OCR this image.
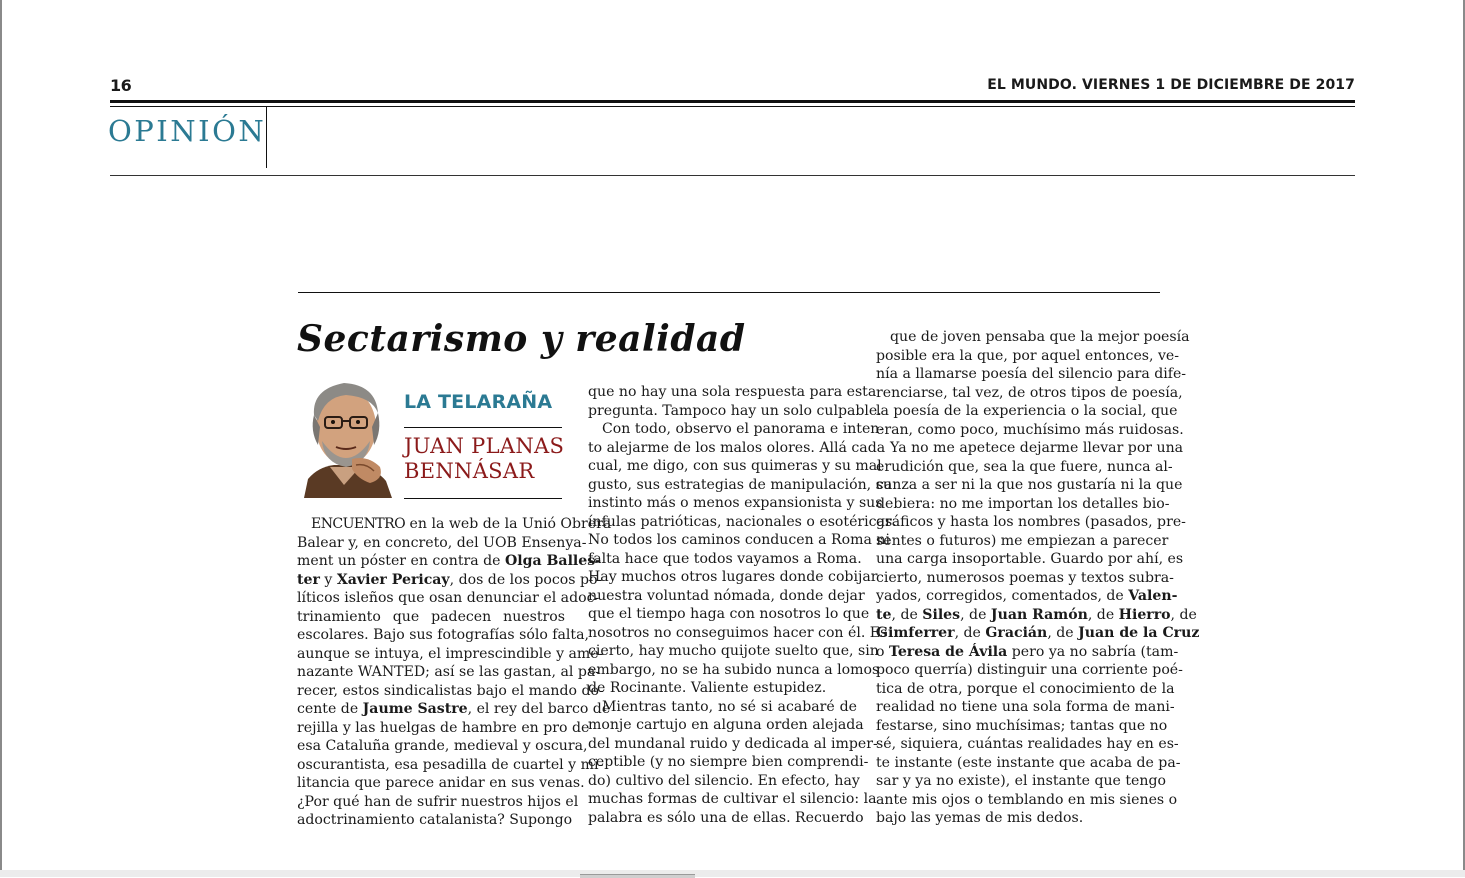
16	EL MUNDO. VIERNES 1 DE DICIEMBRE DE 2017
OPINIÓN
Sectarismo y realidad
LA TELARAÑA
JUAN PLANAS
BENNÁSAR
ENCUENTRO en la web de la Unió Obrera
Balear y, en concreto, del UOB Ensenya-
ment un póster en contra de Olga Balles-
ter y Xavier Pericay, dos de los pocos po-
líticos isleños que osan denunciar el adoc-
trinamiento que padecen nuestros
escolares. Bajo sus fotografías sólo falta,
aunque se intuya, el imprescindible y ame-
nazante WANTED; así se las gastan, al pa-
recer, estos sindicalistas bajo el mando do-
cente de Jaume Sastre, el rey del barco de
rejilla y las huelgas de hambre en pro de
esa Cataluña grande, medieval y oscura,
oscurantista, esa pesadilla de cuartel y mi-
litancia que parece anidar en sus venas.
¿Por qué han de sufrir nuestros hijos el
adoctrinamiento catalanista? Supongo
que no hay una sola respuesta para esta
pregunta. Tampoco hay un solo culpable.
Con todo, observo el panorama e inten-
to alejarme de los malos olores. Allá cada
cual, me digo, con sus quimeras y su mal
gusto, sus estrategias de manipulación, su
instinto más o menos expansionista y sus
ínfulas patrióticas, nacionales o esotéricas.
No todos los caminos conducen a Roma ni
falta hace que todos vayamos a Roma.
Hay muchos otros lugares donde cobijar
nuestra voluntad nómada, donde dejar
que el tiempo haga con nosotros lo que
nosotros no conseguimos hacer con él. Es
cierto, hay mucho quijote suelto que, sin
embargo, no se ha subido nunca a lomos
de Rocinante. Valiente estupidez.
Mientras tanto, no sé si acabaré de
monje cartujo en alguna orden alejada
del mundanal ruido y dedicada al imper-
ceptible (y no siempre bien comprendi-
do) cultivo del silencio. En efecto, hay
muchas formas de cultivar el silencio: la
palabra es sólo una de ellas. Recuerdo
que de joven pensaba que la mejor poesía
posible era la que, por aquel entonces, ve-
nía a llamarse poesía del silencio para dife-
renciarse, tal vez, de otros tipos de poesía,
la poesía de la experiencia o la social, que
eran, como poco, muchísimo más ruidosas.
Ya no me apetece dejarme llevar por una
erudición que, sea la que fuere, nunca al-
canza a ser ni la que nos gustaría ni la que
debiera: no me importan los detalles bio-
gráficos y hasta los nombres (pasados, pre-
sentes o futuros) me empiezan a parecer
una carga insoportable. Guardo por ahí, es
cierto, numerosos poemas y textos subra-
yados, corregidos, comentados, de Valen-
te, de Siles, de Juan Ramón, de Hierro, de
Gimferrer, de Gracián, de Juan de la Cruz
o Teresa de Ávila pero ya no sabría (tam-
poco querría) distinguir una corriente poé-
tica de otra, porque el conocimiento de la
realidad no tiene una sola forma de mani-
festarse, sino muchísimas; tantas que no
sé, siquiera, cuántas realidades hay en es-
te instante (este instante que acaba de pa-
sar y ya no existe), el instante que tengo
ante mis ojos o temblando en mis sienes o
bajo las yemas de mis dedos.
